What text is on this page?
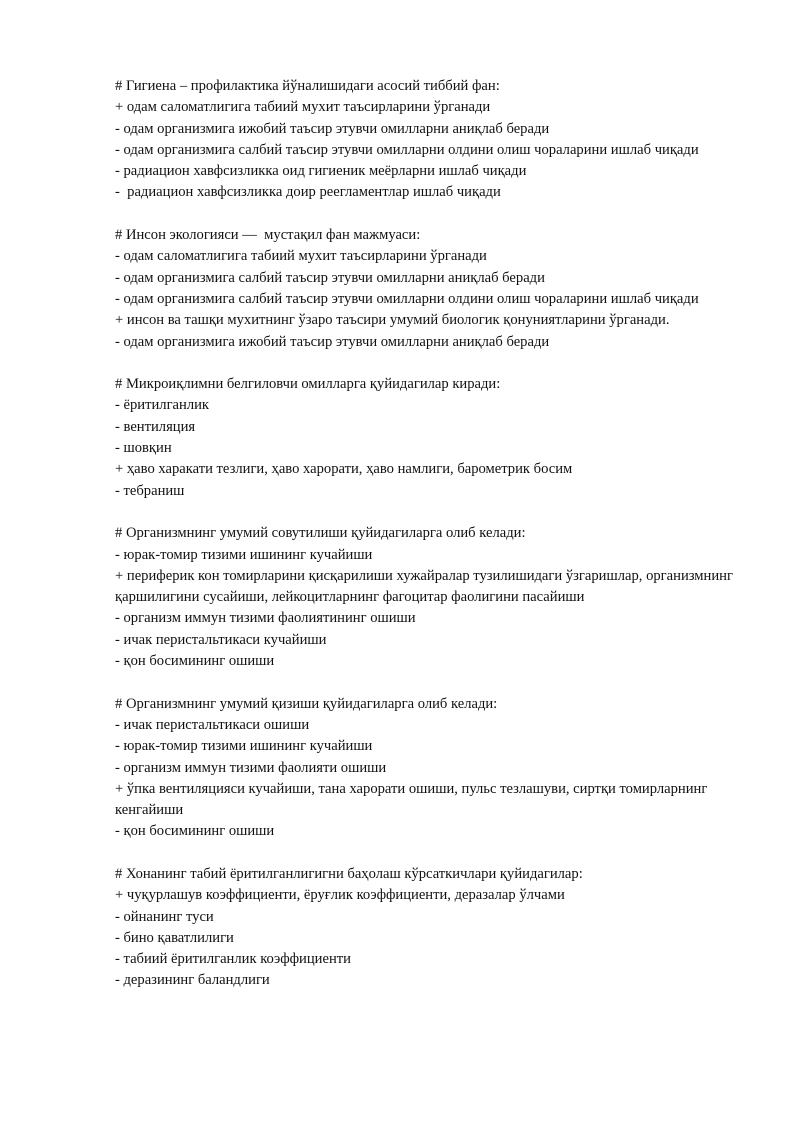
# Гигиена – профилактика йўналишидаги асосий тиббий фан:
+ одам саломатлигига табиий мухит таъсирларини ўрганади
- одам организмига ижобий таъсир этувчи омилларни аниқлаб беради
- одам организмига салбий таъсир этувчи омилларни олдини олиш чораларини ишлаб чиқади
- радиацион хавфсизликка оид гигиеник меёрларни ишлаб чиқади
-  радиацион хавфсизликка доир реегламентлар ишлаб чиқади
# Инсон экологияси —  мустақил фан мажмуаси:
- одам саломатлигига табиий мухит таъсирларини ўрганади
- одам организмига салбий таъсир этувчи омилларни аниқлаб беради
- одам организмига салбий таъсир этувчи омилларни олдини олиш чораларини ишлаб чиқади
+ инсон ва ташқи мухитнинг ўзаро таъсири умумий биологик қонуниятларини ўрганади.
- одам организмига ижобий таъсир этувчи омилларни аниқлаб беради
# Микроиқлимни белгиловчи омилларга қуйидагилар киради:
- ёритилганлик
- вентиляция
- шовқин
+ ҳаво харакати тезлиги, ҳаво харорати, ҳаво намлиги, барометрик босим
- тебраниш
# Организмнинг умумий совутилиши қуйидагиларга олиб келади:
- юрак-томир тизими ишининг кучайиши
+ периферик кон томирларини қисқарилиши хужайралар тузилишидаги ўзгаришлар, организмнинг қаршилигини сусайиши, лейкоцитларнинг фагоцитар фаолигини пасайиши
- организм иммун тизими фаолиятининг ошиши
- ичак перистальтикаси кучайиши
- қон босимининг ошиши
# Организмнинг умумий қизиши қуйидагиларга олиб келади:
- ичак перистальтикаси ошиши
- юрак-томир тизими ишининг кучайиши
- организм иммун тизими фаолияти ошиши
+ ўпка вентиляцияси кучайиши, тана харорати ошиши, пульс тезлашуви, сиртқи томирларнинг кенгайиши
- қон босимининг ошиши
# Хонанинг табий ёритилганлигигни баҳолаш кўрсаткичлари қуйидагилар:
+ чуқурлашув коэффициенти, ёруғлик коэффициенти, деразалар ўлчами
- ойнанинг туси
- бино қаватлилиги
- табиий ёритилганлик коэффициенти
- деразининг баландлиги
